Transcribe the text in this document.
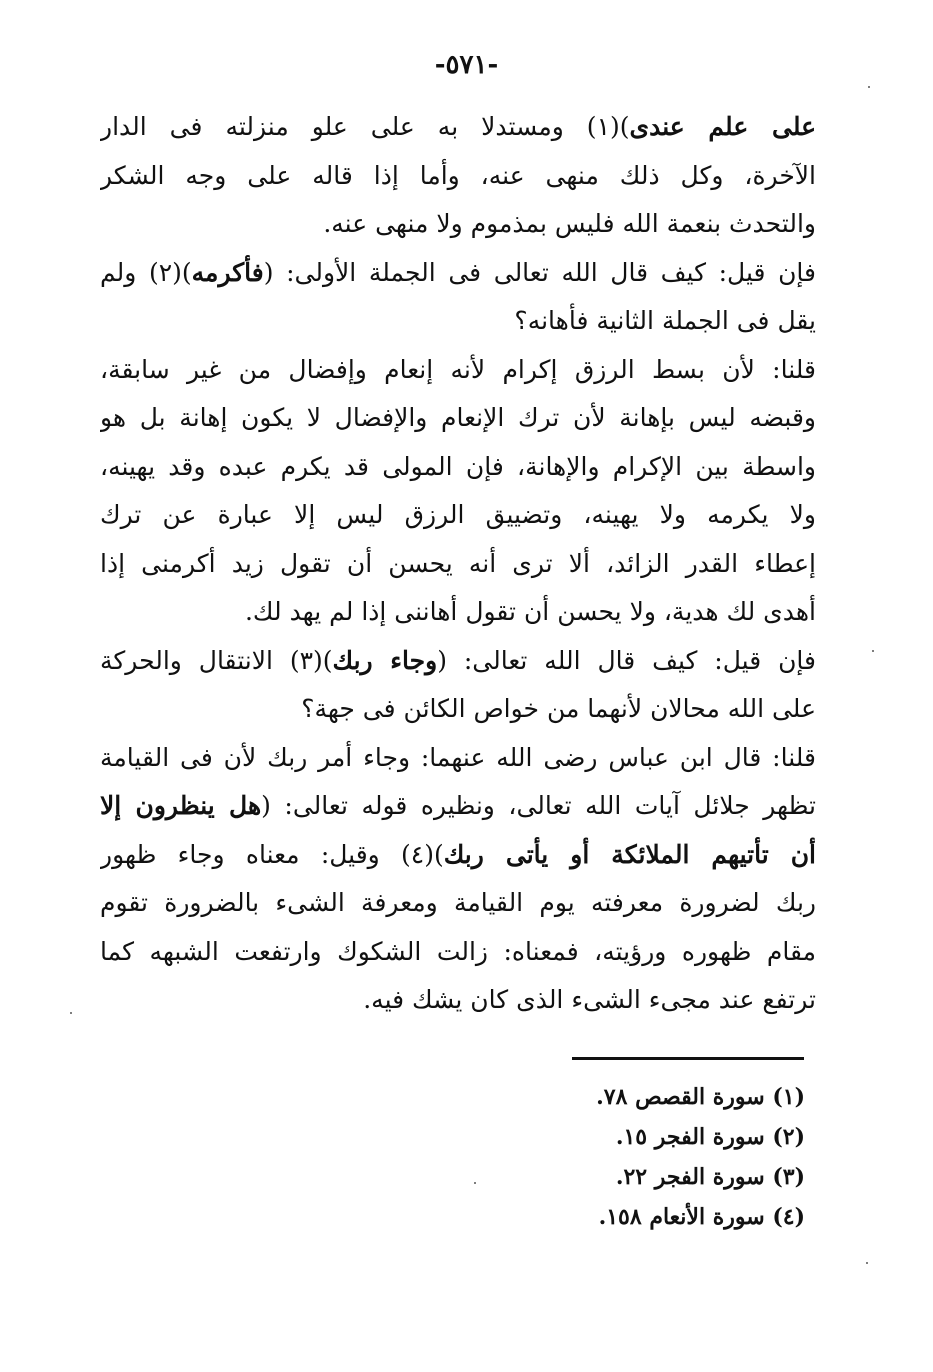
-٥٧١-
على علم عندى)(١) ومستدلا به على علو منزلته فى الدار
الآخرة، وكل ذلك منهى عنه، وأما إذا قاله على وجه الشكر
والتحدث بنعمة الله فليس بمذموم ولا منهى عنه.
فإن قيل: كيف قال الله تعالى فى الجملة الأولى: (فأكرمه)(٢) ولم
يقل فى الجملة الثانية فأهانه؟
قلنا: لأن بسط الرزق إكرام لأنه إنعام وإفضال من غير سابقة،
وقبضه ليس بإهانة لأن ترك الإنعام والإفضال لا يكون إهانة بل هو
واسطة بين الإكرام والإهانة، فإن المولى قد يكرم عبده وقد يهينه،
ولا يكرمه ولا يهينه، وتضييق الرزق ليس إلا عبارة عن ترك
إعطاء القدر الزائد، ألا ترى أنه يحسن أن تقول زيد أكرمنى إذا
أهدى لك هدية، ولا يحسن أن تقول أهاننى إذا لم يهد لك.
فإن قيل: كيف قال الله تعالى: (وجاء ربك)(٣) الانتقال والحركة
على الله محالان لأنهما من خواص الكائن فى جهة؟
قلنا: قال ابن عباس رضى الله عنهما: وجاء أمر ربك لأن فى القيامة
تظهر جلائل آيات الله تعالى، ونظيره قوله تعالى: (هل ينظرون إلا
أن تأتيهم الملائكة أو يأتى ربك)(٤) وقيل: معناه وجاء ظهور
ربك لضرورة معرفته يوم القيامة ومعرفة الشىء بالضرورة تقوم
مقام ظهوره ورؤيته، فمعناه: زالت الشكوك وارتفعت الشبهه كما
ترتفع عند مجىء الشىء الذى كان يشك فيه.
(١) سورة القصص ٧٨.
(٢) سورة الفجر ١٥.
(٣) سورة الفجر ٢٢.
(٤) سورة الأنعام ١٥٨.
